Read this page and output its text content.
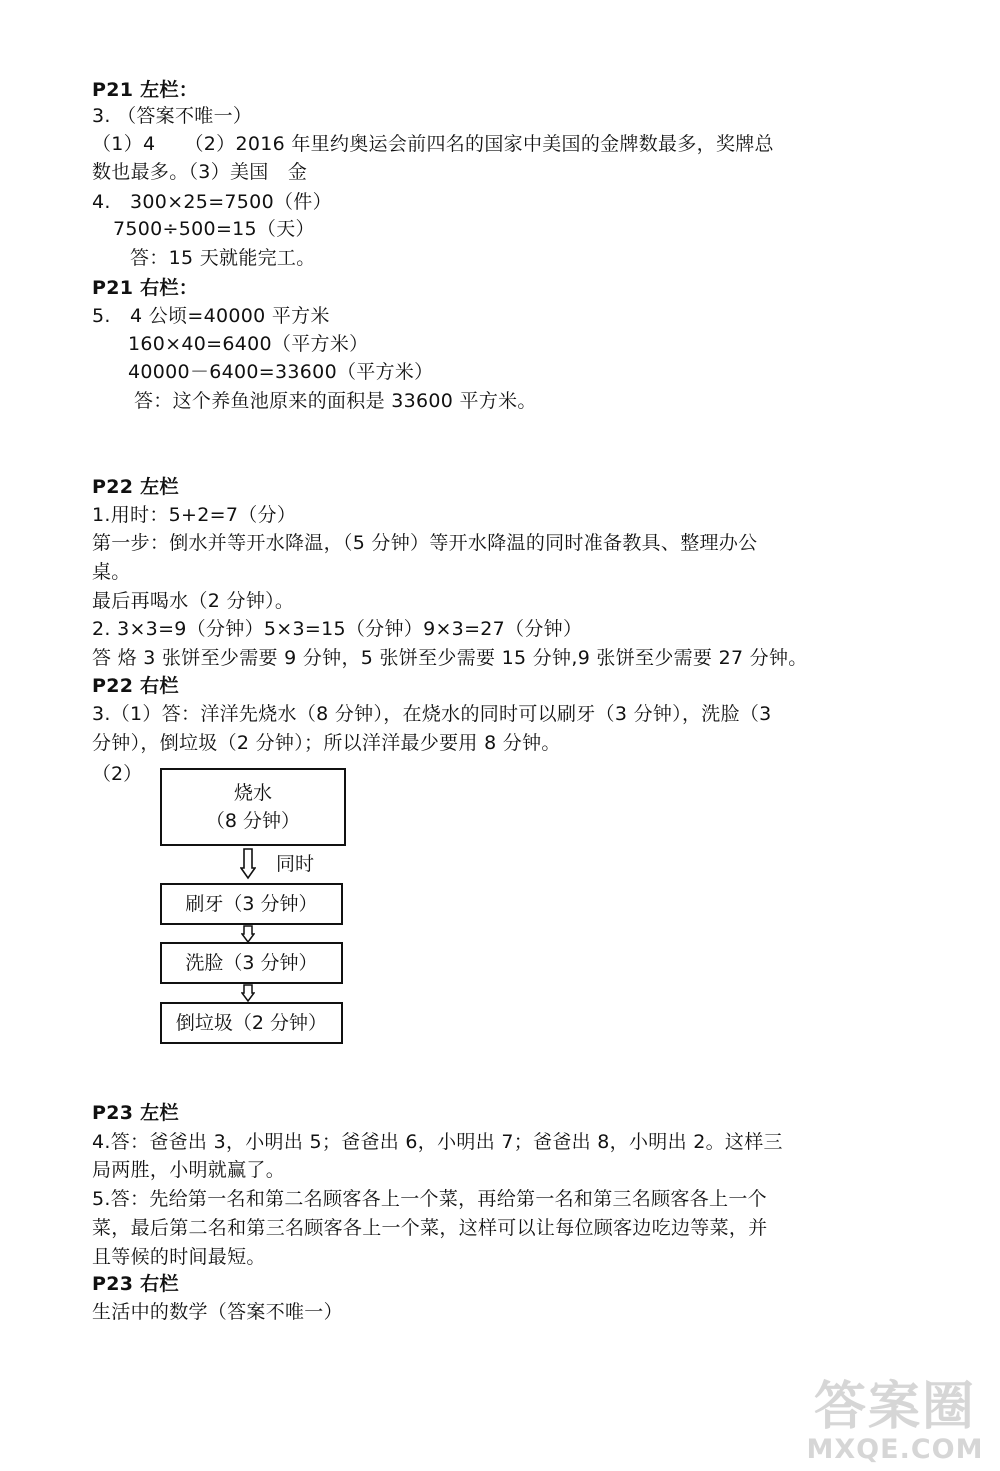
P21 左栏：
3. （答案不唯一）
（1）4　　（2）2016 年里约奥运会前四名的国家中美国的金牌数最多，奖牌总
数也最多。（3）美国　金
4.　300×25=7500（件）
7500÷500=15（天）
答：15 天就能完工。
P21 右栏：
5.　4 公顷=40000 平方米
160×40=6400（平方米）
40000－6400=33600（平方米）
答：这个养鱼池原来的面积是 33600 平方米。
P22 左栏
1.用时：5+2=7（分）
第一步：倒水并等开水降温，（5 分钟）等开水降温的同时准备教具、整理办公
桌。
最后再喝水（2 分钟）。
2. 3×3=9（分钟）5×3=15（分钟）9×3=27（分钟）
答 烙 3 张饼至少需要 9 分钟，5 张饼至少需要 15 分钟,9 张饼至少需要 27 分钟。
P22 右栏
3.（1）答：洋洋先烧水（8 分钟），在烧水的同时可以刷牙（3 分钟），洗脸（3
分钟），倒垃圾（2 分钟）；所以洋洋最少要用 8 分钟。
（2）
烧水
（8 分钟）
同时
刷牙（3 分钟）
洗脸（3 分钟）
倒垃圾（2 分钟）
P23 左栏
4.答：爸爸出 3，小明出 5；爸爸出 6，小明出 7；爸爸出 8，小明出 2。这样三
局两胜，小明就赢了。
5.答：先给第一名和第二名顾客各上一个菜，再给第一名和第三名顾客各上一个
菜，最后第二名和第三名顾客各上一个菜，这样可以让每位顾客边吃边等菜，并
且等候的时间最短。
P23 右栏
生活中的数学（答案不唯一）
答案圈
MXQE.COM
